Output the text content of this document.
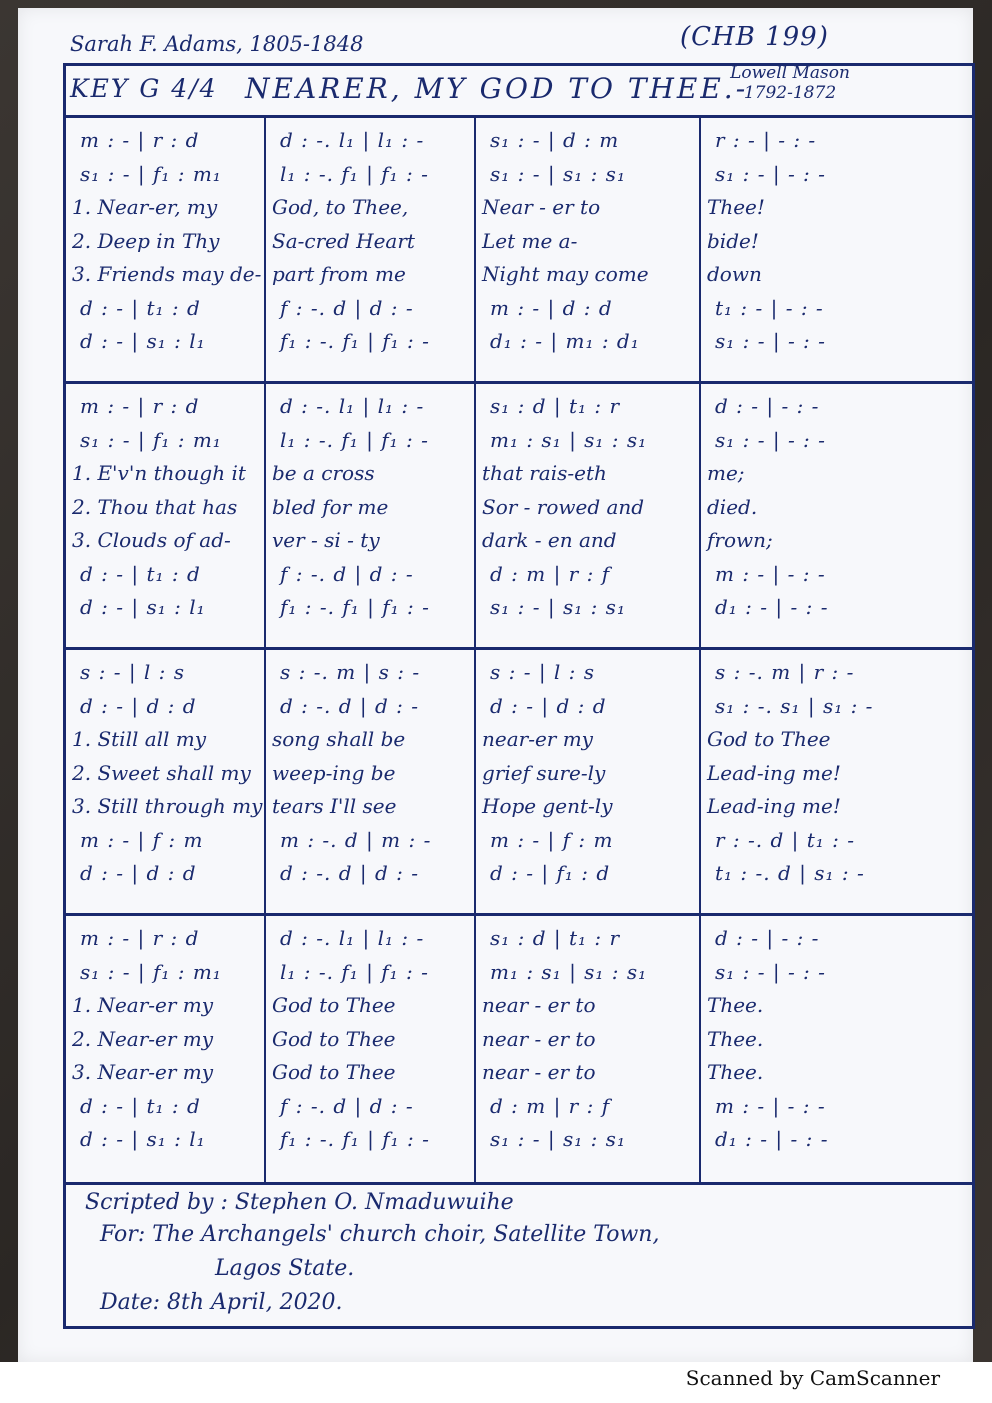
Sarah F. Adams, 1805-1848	(CHB 199)
KEY G 4/4 NEARER, MY GOD TO THEE.-
Lowell Mason
1792-1872
m : - | r : d
s₁ : - | f₁ : m₁
1. Near-er, my
2. Deep in Thy
3. Friends may de-
d : - | t₁ : d
d : - | s₁ : l₁
d : -. l₁ | l₁ : -
l₁ : -. f₁ | f₁ : -
God, to Thee,
Sa-cred Heart
part from me
f : -. d | d : -
f₁ : -. f₁ | f₁ : -
s₁ : - | d : m
s₁ : - | s₁ : s₁
Near - er to
Let me a-
Night may come
m : - | d : d
d₁ : - | m₁ : d₁
r : - | - : -
s₁ : - | - : -
Thee!
bide!
down
t₁ : - | - : -
s₁ : - | - : -
m : - | r : d
s₁ : - | f₁ : m₁
1. E'v'n though it
2. Thou that has
3. Clouds of ad-
d : - | t₁ : d
d : - | s₁ : l₁
d : -. l₁ | l₁ : -
l₁ : -. f₁ | f₁ : -
be a cross
bled for me
ver - si - ty
f : -. d | d : -
f₁ : -. f₁ | f₁ : -
s₁ : d | t₁ : r
m₁ : s₁ | s₁ : s₁
that rais-eth
Sor - rowed and
dark - en and
d : m | r : f
s₁ : - | s₁ : s₁
d : - | - : -
s₁ : - | - : -
me;
died.
frown;
m : - | - : -
d₁ : - | - : -
s : - | l : s
d : - | d : d
1. Still all my
2. Sweet shall my
3. Still through my
m : - | f : m
d : - | d : d
s : -. m | s : -
d : -. d | d : -
song shall be
weep-ing be
tears I'll see
m : -. d | m : -
d : -. d | d : -
s : - | l : s
d : - | d : d
near-er my
grief sure-ly
Hope gent-ly
m : - | f : m
d : - | f₁ : d
s : -. m | r : -
s₁ : -. s₁ | s₁ : -
God to Thee
Lead-ing me!
Lead-ing me!
r : -. d | t₁ : -
t₁ : -. d | s₁ : -
m : - | r : d
s₁ : - | f₁ : m₁
1. Near-er my
2. Near-er my
3. Near-er my
d : - | t₁ : d
d : - | s₁ : l₁
d : -. l₁ | l₁ : -
l₁ : -. f₁ | f₁ : -
God to Thee
God to Thee
God to Thee
f : -. d | d : -
f₁ : -. f₁ | f₁ : -
s₁ : d | t₁ : r
m₁ : s₁ | s₁ : s₁
near - er to
near - er to
near - er to
d : m | r : f
s₁ : - | s₁ : s₁
d : - | - : -
s₁ : - | - : -
Thee.
Thee.
Thee.
m : - | - : -
d₁ : - | - : -
Scripted by : Stephen O. Nmaduwuihe
For: The Archangels' church choir, Satellite Town,
Lagos State.
Date: 8th April, 2020.
Scanned by CamScanner
